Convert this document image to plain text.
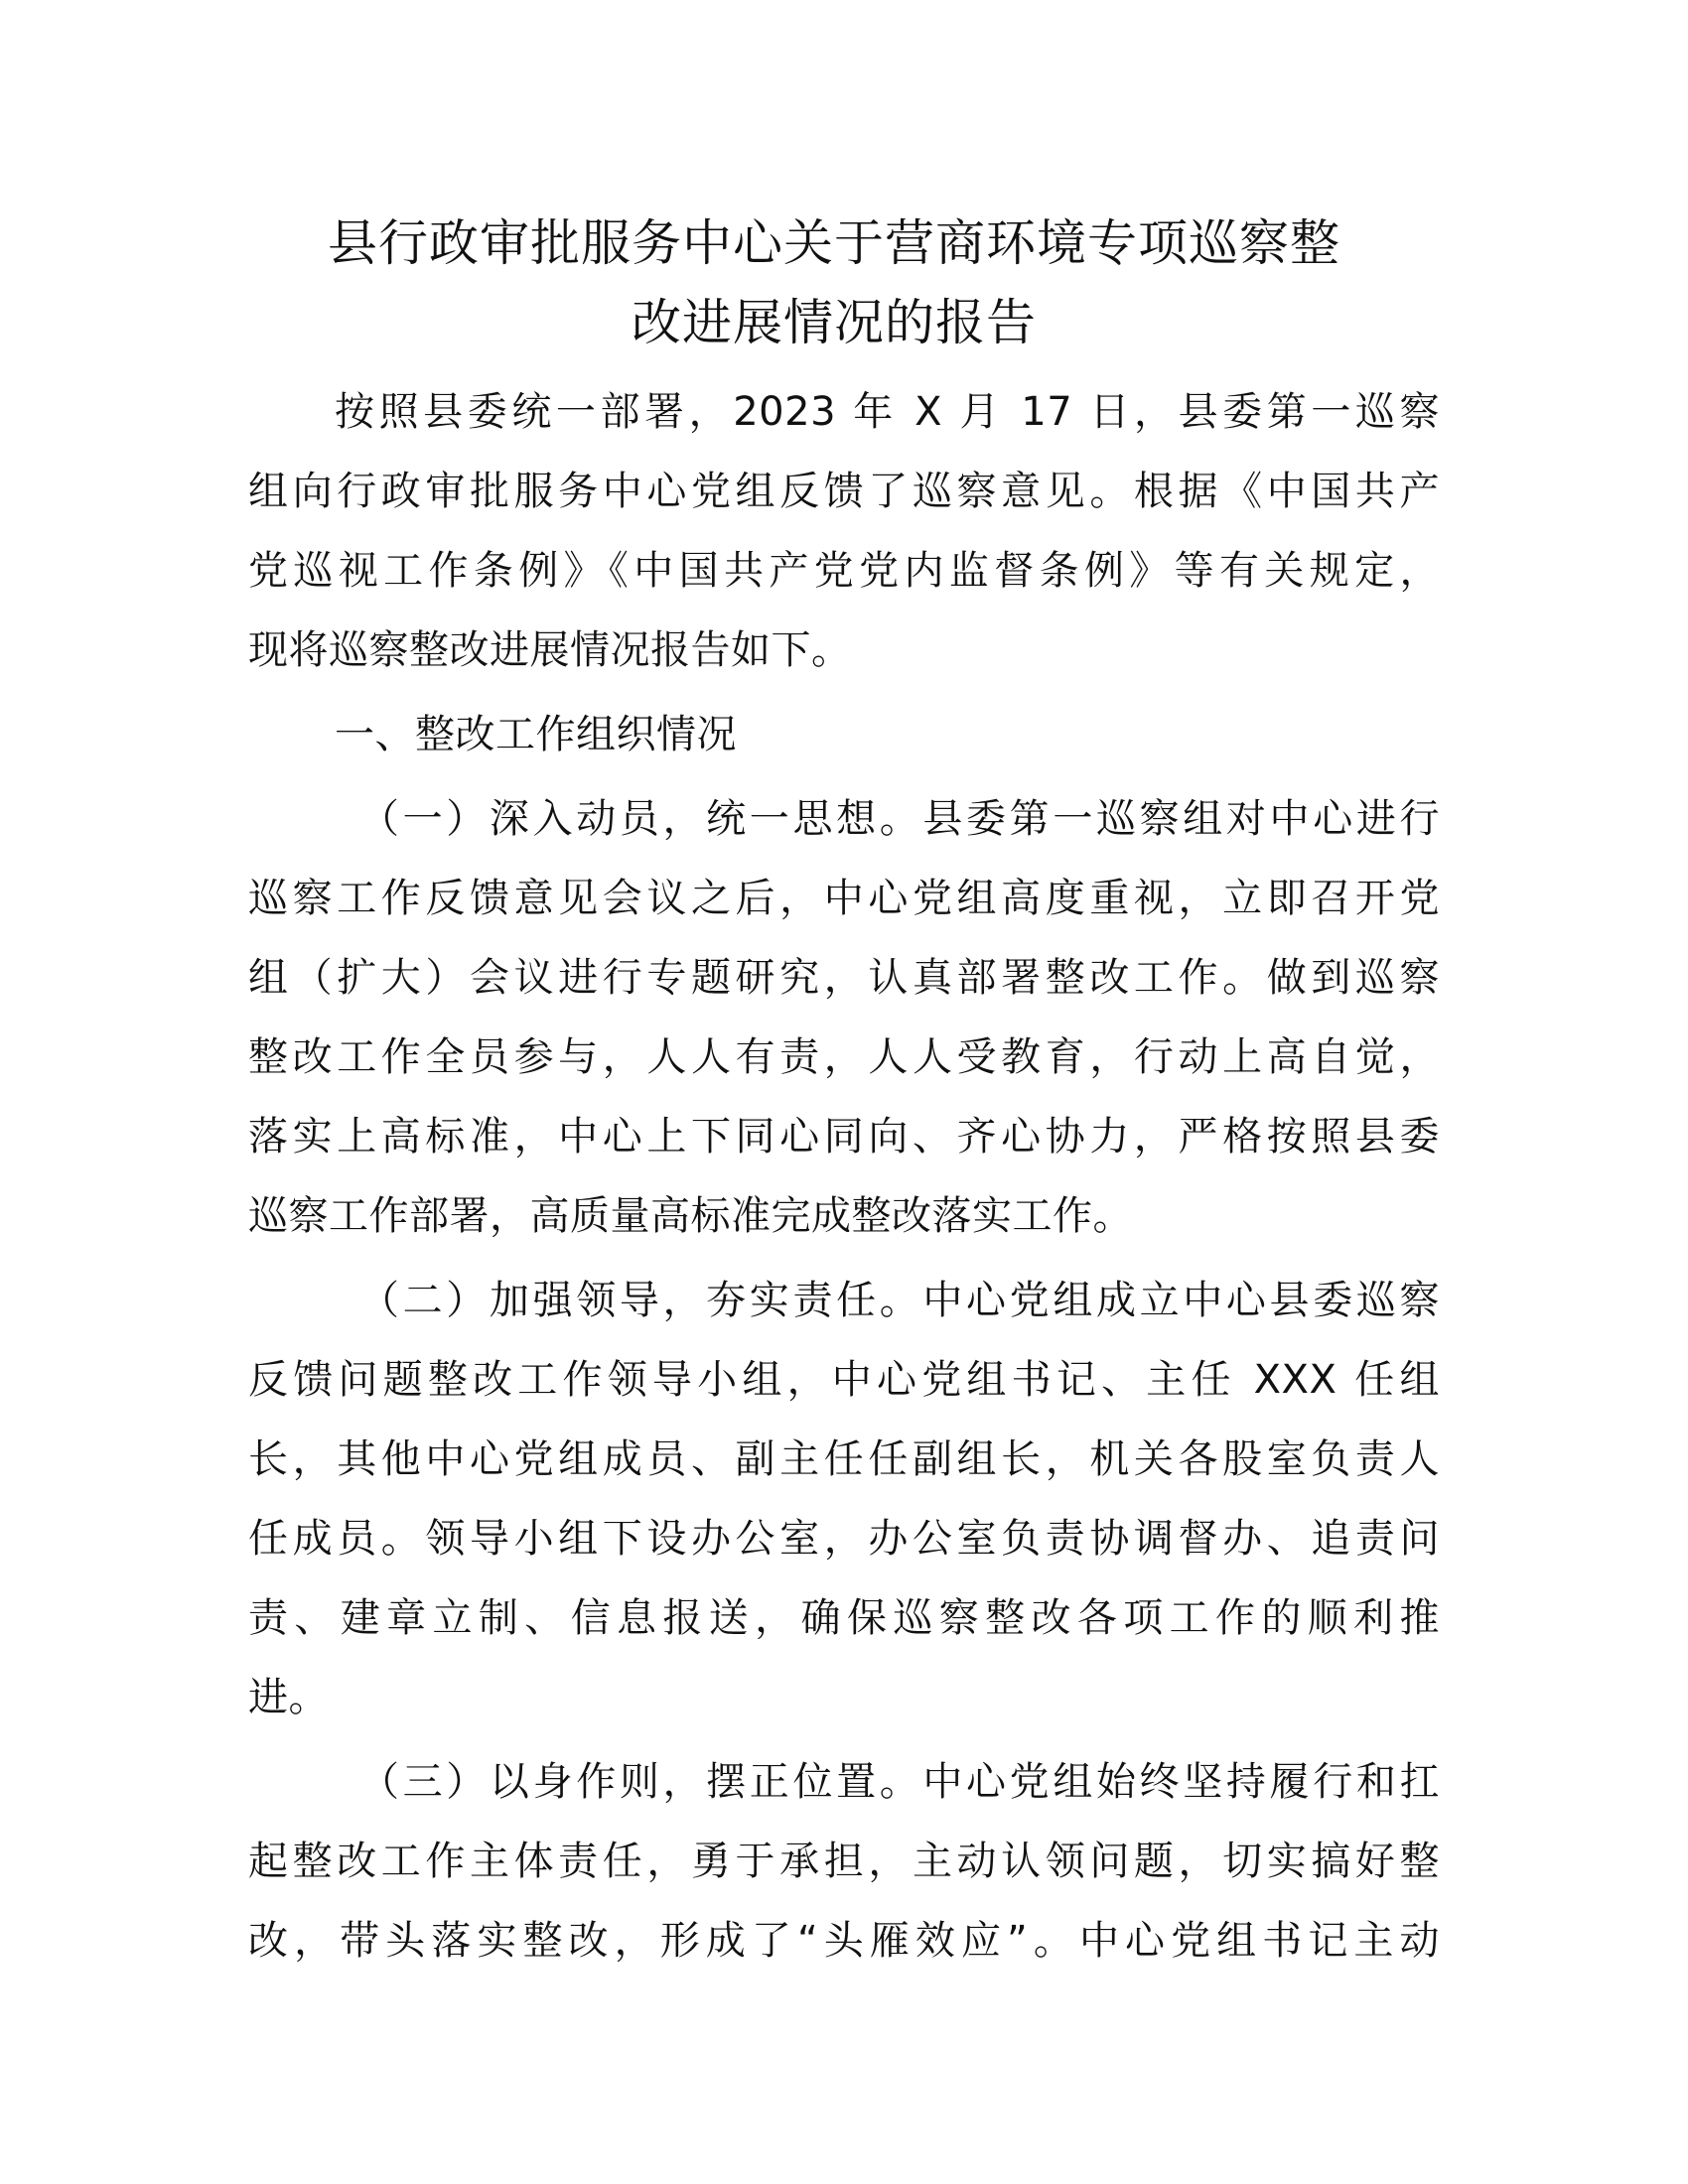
县行政审批服务中心关于营商环境专项巡察整
改进展情况的报告
按照县委统一部署，2023 年 X 月 17 日，县委第一巡察
组向行政审批服务中心党组反馈了巡察意见。根据《中国共产
党巡视工作条例》《中国共产党党内监督条例》等有关规定，
现将巡察整改进展情况报告如下。
一、整改工作组织情况
（一）深入动员，统一思想。县委第一巡察组对中心进行
巡察工作反馈意见会议之后，中心党组高度重视，立即召开党
组（扩大）会议进行专题研究，认真部署整改工作。做到巡察
整改工作全员参与，人人有责，人人受教育，行动上高自觉，
落实上高标准，中心上下同心同向、齐心协力，严格按照县委
巡察工作部署，高质量高标准完成整改落实工作。
（二）加强领导，夯实责任。中心党组成立中心县委巡察
反馈问题整改工作领导小组，中心党组书记、主任 XXX 任组
长，其他中心党组成员、副主任任副组长，机关各股室负责人
任成员。领导小组下设办公室，办公室负责协调督办、追责问
责、建章立制、信息报送，确保巡察整改各项工作的顺利推
进。
（三）以身作则，摆正位置。中心党组始终坚持履行和扛
起整改工作主体责任，勇于承担，主动认领问题，切实搞好整
改，带头落实整改，形成了“头雁效应”。中心党组书记主动
